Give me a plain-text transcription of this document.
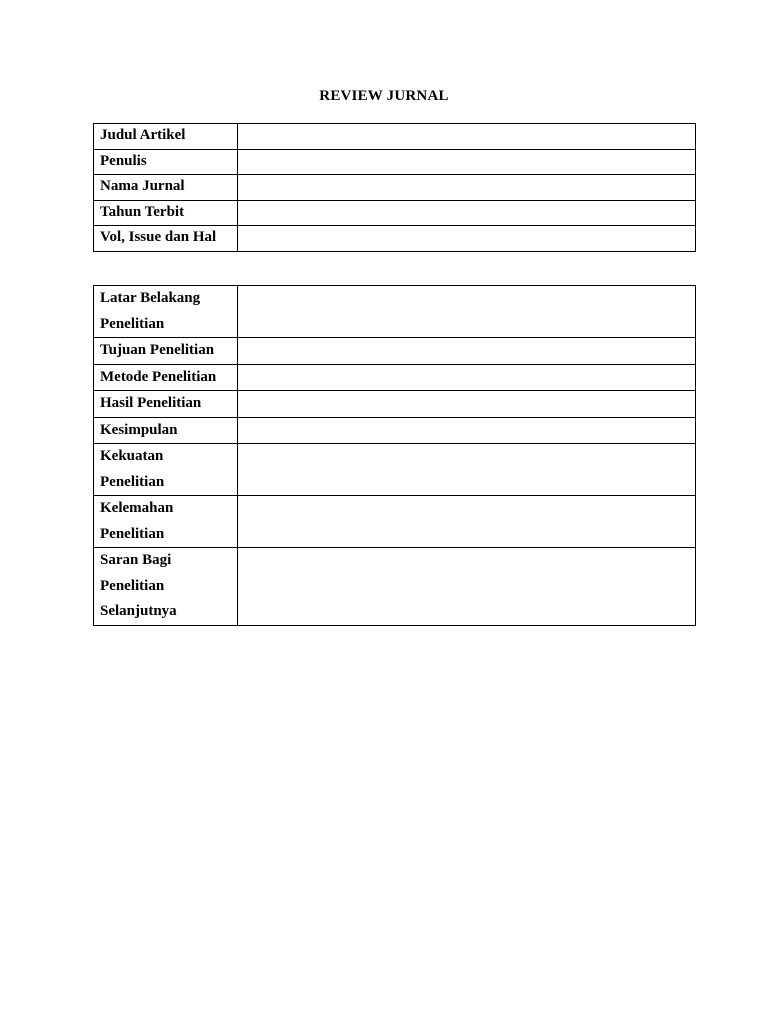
REVIEW JURNAL
Judul Artikel	
Penulis	
Nama Jurnal	
Tahun Terbit	
Vol, Issue dan Hal	
Latar Belakang
Penelitian	

Tujuan Penelitian	

Metode Penelitian	

Hasil Penelitian	

Kesimpulan	

Kekuatan
Penelitian	

Kelemahan
Penelitian	

Saran Bagi
Penelitian
Selanjutnya	
